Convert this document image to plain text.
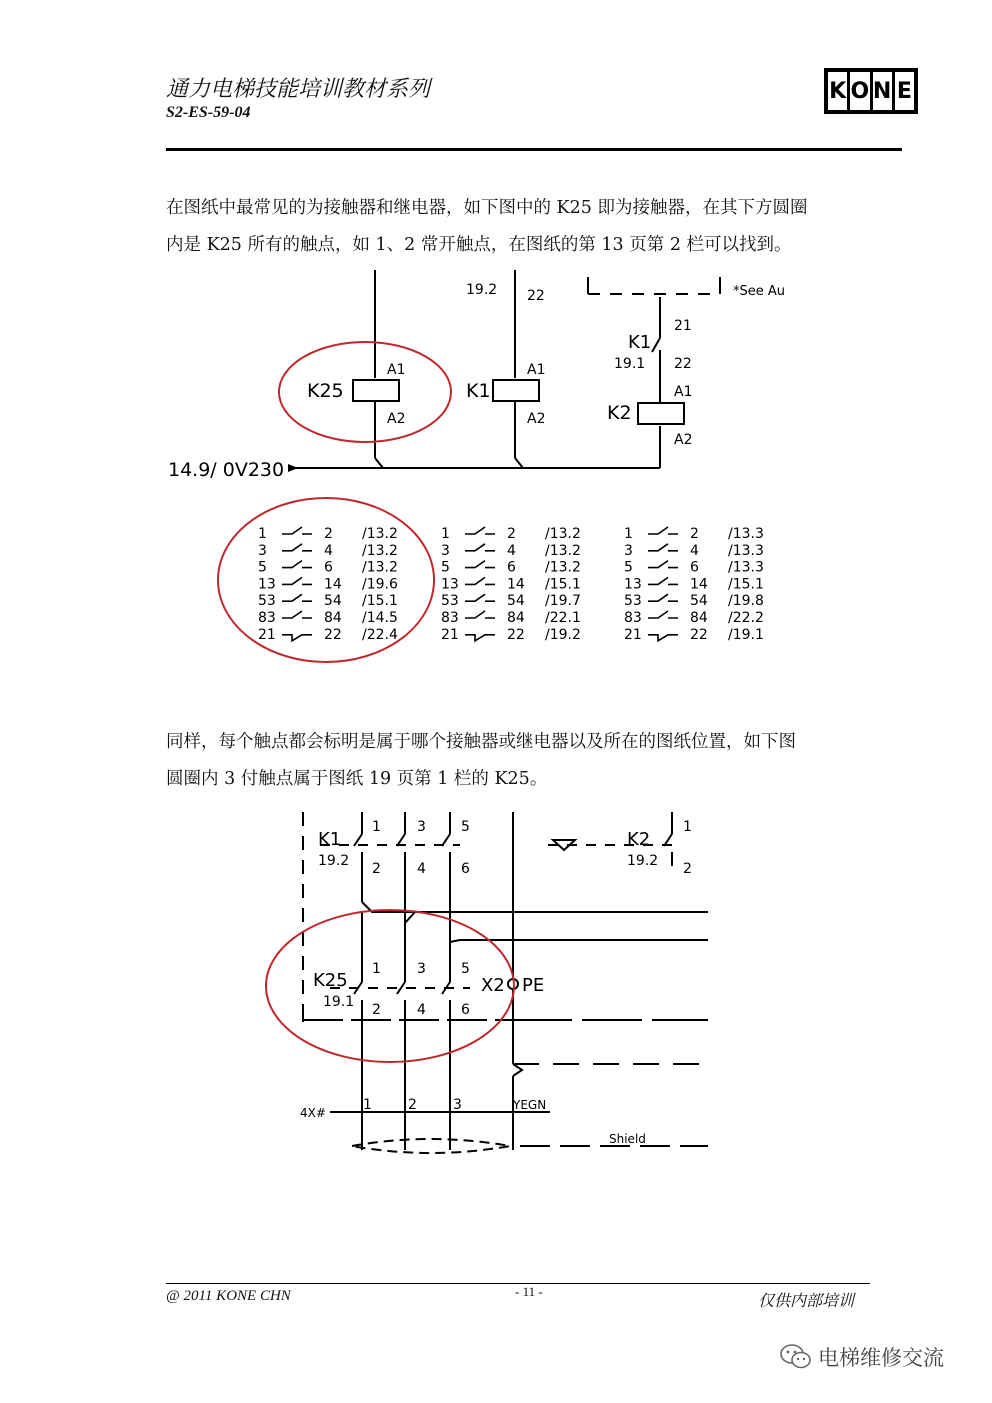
通力电梯技能培训教材系列
S2-ES-59-04
K O N E
在图纸中最常见的为接触器和继电器，如下图中的 K25 即为接触器，在其下方圆圈
内是 K25 所有的触点，如 1、2 常开触点，在图纸的第 13 页第 2 栏可以找到。
19.2 22	*See Au
K1
19.1
21
22
K25
A1
A2
K1
A1
A2	K2
A1
A2
14.9/ 0V230
1	2 /13.2
3	4 /13.2
5	6 /13.2
13	14 /19.6
53	54 /15.1
83	84 /14.5
21	22 /22.4
1	2 /13.2
3	4 /13.2
5	6 /13.2
13	14 /15.1
53	54 /19.7
83	84 /22.1
21	22 /19.2
1	2 /13.3
3	4 /13.3
5	6 /13.3
13	14 /15.1
53	54 /19.8
83	84 /22.2
21	22 /19.1
K1
19.2
1	3	5
2	4	6
K2
19.2
1
2
K25
19.1
1	3	5
2	4	6
X2 PE
4X#	1	2	3	YEGN
Shield
同样，每个触点都会标明是属于哪个接触器或继电器以及所在的图纸位置，如下图
圆圈内 3 付触点属于图纸 19 页第 1 栏的 K25。
@ 2011 KONE CHN	- 11 -	仅供内部培训
电梯维修交流
